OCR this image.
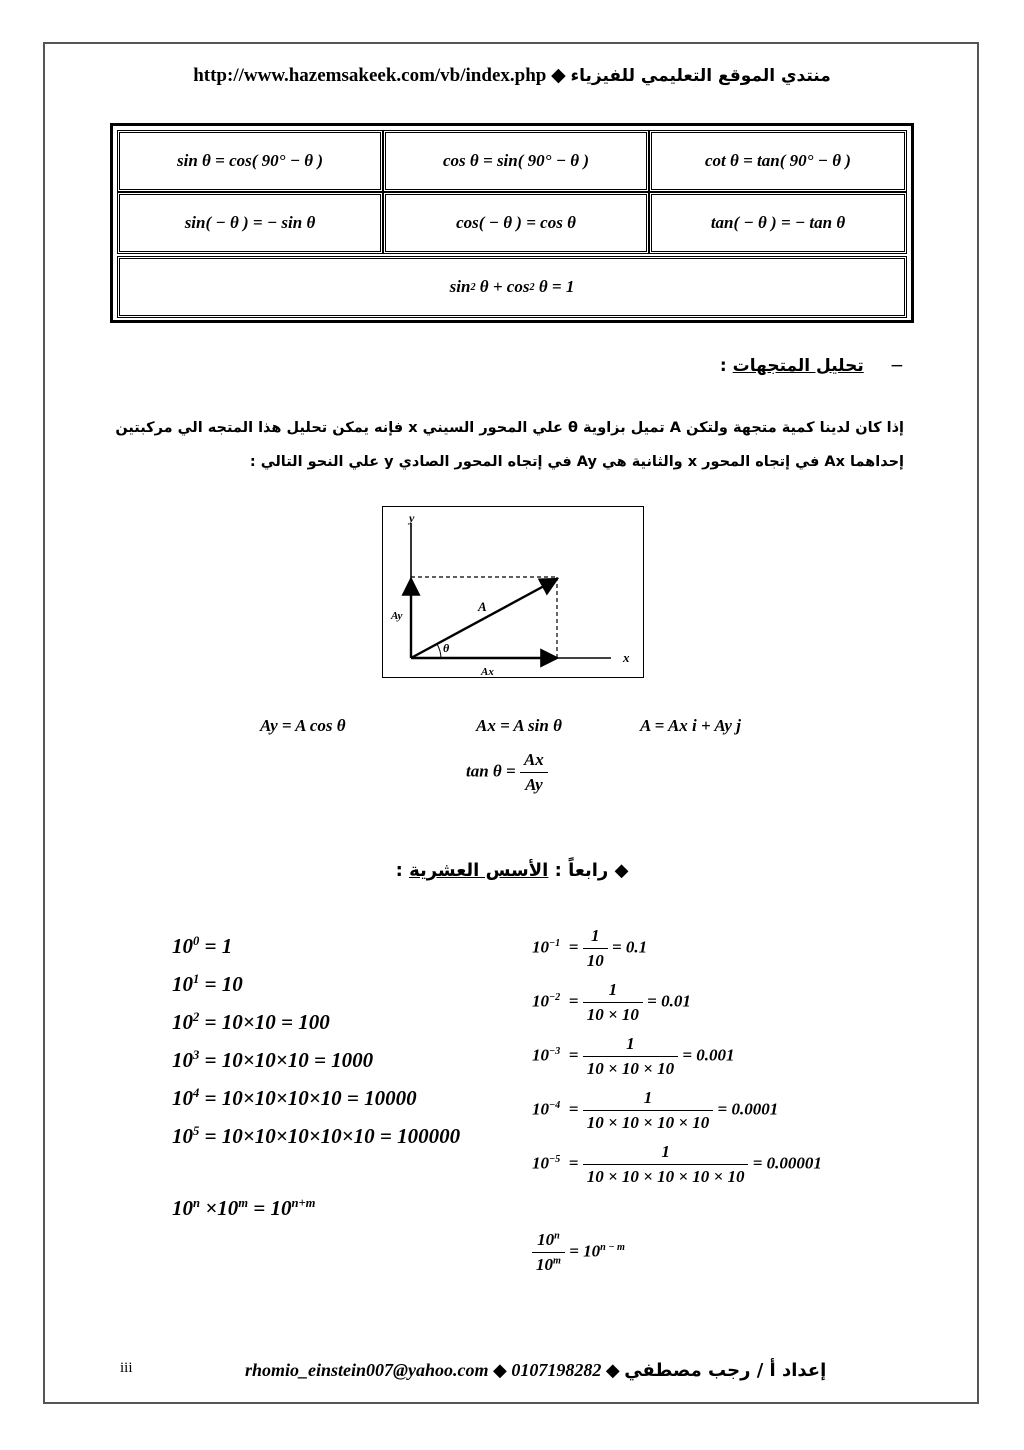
http://www.hazemsakeek.com/vb/index.php ◆ منتدي الموقع التعليمي للفيزياء
sin θ = cos( 90° − θ )	cos θ = sin( 90° − θ )	cot θ = tan( 90° − θ )
sin( − θ ) = − sin θ	cos( − θ ) = cos θ	tan( − θ ) = − tan θ
sin 2
θ + cos 2
θ = 1
−تحليل المتجهات :
إذا كان لدينا كمية متجهة ولتكن A تميل بزاوية θ علي المحور السيني x فإنه يمكن تحليل هذا المتجه الي مركبتين
إحداهما Ax في إتجاه المحور x والثانية هي Ay في إتجاه المحور الصادي y علي النحو التالي :
y
x
A
Ax
Ay
θ
Ay = A cos θ	Ax = A sin θ	A = Ax i + Ay j
$\tan \theta = \frac{Ax}{Ay}$
◆ رابعاً : الأسس العشرية :
$10^0 = 1$
$10^1 = 10$
$10^2 = 10\times 10 = 100$
$10^3 = 10\times 10\times 10 = 1000$
$10^4 = 10\times 10\times 10\times 10 = 10000$
$10^5 = 10\times 10\times 10\times 10\times 10 = 100000$
$10^n \times 10^m = 10^{n+m}$
$10^{-1} = \frac{1}{10} = 0.1$
$10^{-2} = \frac{1}{10 \times 10} = 0.01$
$10^{-3} = \frac{1}{10 \times 10 \times 10} = 0.001$
$10^{-4} = \frac{1}{10 \times 10 \times 10 \times 10} = 0.0001$
$10^{-5} = \frac{1}{10 \times 10 \times 10 \times 10 \times 10} = 0.00001$
$\frac{10^n}{10^m} = 10^{n - m}$
iii	rhomio_einstein007@yahoo.com ◆ 0107198282 ◆ إعداد أ / رجب مصطفي
